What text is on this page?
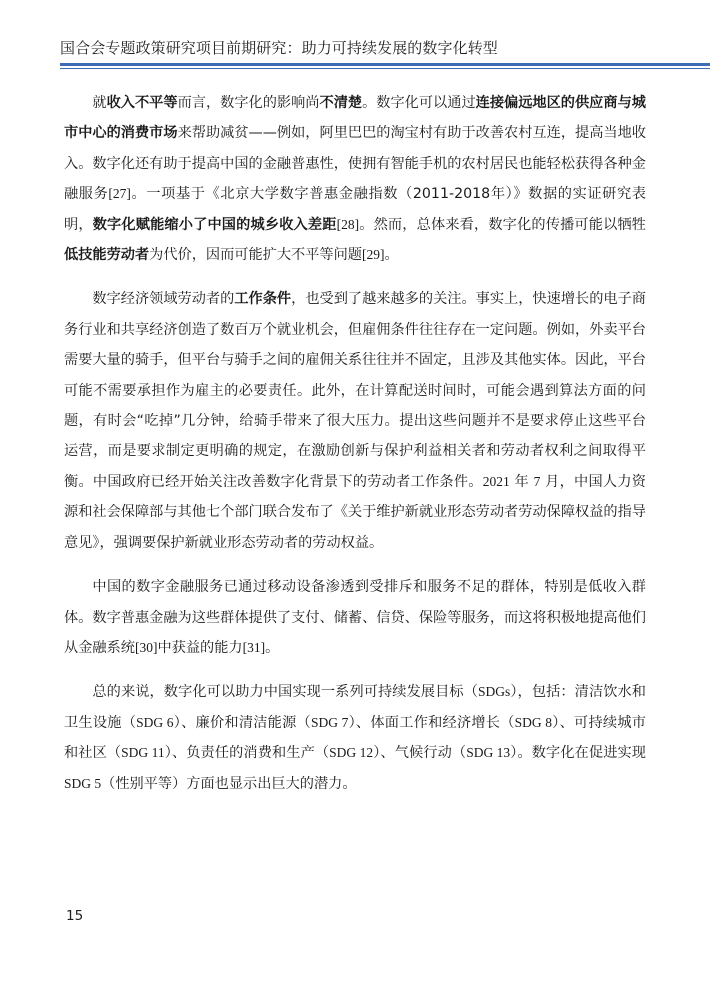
国合会专题政策研究项目前期研究：助力可持续发展的数字化转型

就收入不平等而言，数字化的影响尚不清楚。数字化可以通过连接偏远地区的供应商与城市中心的消费市场来帮助减贫——例如，阿里巴巴的淘宝村有助于改善农村互连，提高当地收入。数字化还有助于提高中国的金融普惠性，使拥有智能手机的农村居民也能轻松获得各种金融服务[27]。一项基于《北京大学数字普惠金融指数（2011-2018年）》数据的实证研究表明，数字化赋能缩小了中国的城乡收入差距[28]。然而，总体来看，数字化的传播可能以牺牲低技能劳动者为代价，因而可能扩大不平等问题[29]。

数字经济领域劳动者的工作条件，也受到了越来越多的关注。事实上，快速增长的电子商务行业和共享经济创造了数百万个就业机会，但雇佣条件往往存在一定问题。例如，外卖平台需要大量的骑手，但平台与骑手之间的雇佣关系往往并不固定，且涉及其他实体。因此，平台可能不需要承担作为雇主的必要责任。此外，在计算配送时间时，可能会遇到算法方面的问题，有时会“吃掉”几分钟，给骑手带来了很大压力。提出这些问题并不是要求停止这些平台运营，而是要求制定更明确的规定，在激励创新与保护利益相关者和劳动者权利之间取得平衡。中国政府已经开始关注改善数字化背景下的劳动者工作条件。2021 年 7 月，中国人力资源和社会保障部与其他七个部门联合发布了《关于维护新就业形态劳动者劳动保障权益的指导意见》，强调要保护新就业形态劳动者的劳动权益。

中国的数字金融服务已通过移动设备渗透到受排斥和服务不足的群体，特别是低收入群体。数字普惠金融为这些群体提供了支付、储蓄、信贷、保险等服务，而这将积极地提高他们从金融系统[30]中获益的能力[31]。

总的来说，数字化可以助力中国实现一系列可持续发展目标（SDGs），包括：清洁饮水和卫生设施（SDG 6）、廉价和清洁能源（SDG 7）、体面工作和经济增长（SDG 8）、可持续城市和社区（SDG 11）、负责任的消费和生产（SDG 12）、气候行动（SDG 13）。数字化在促进实现 SDG 5（性别平等）方面也显示出巨大的潜力。

15
